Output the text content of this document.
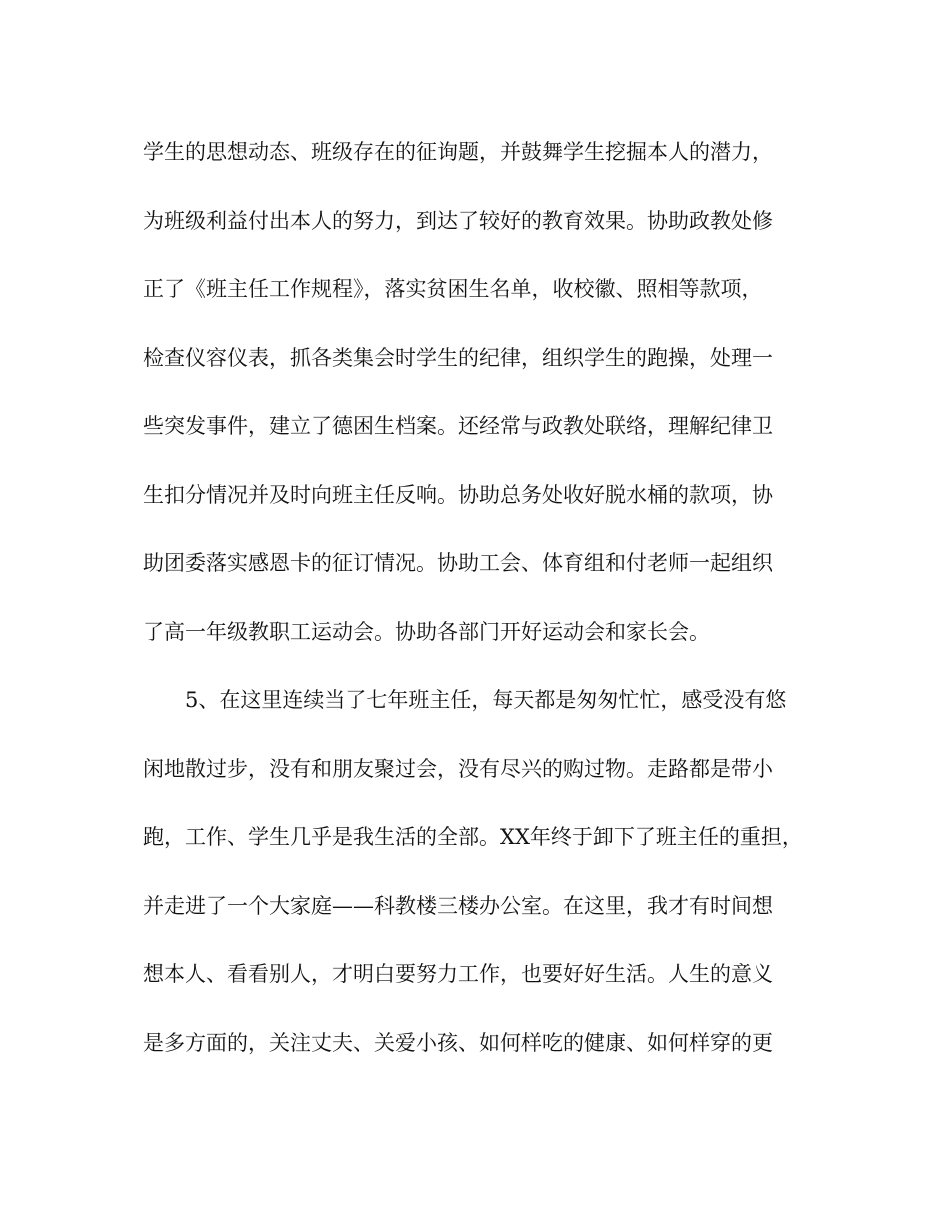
学生的思想动态、班级存在的征询题，并鼓舞学生挖掘本人的潜力，
为班级利益付出本人的努力，到达了较好的教育效果。协助政教处修
正了《班主任工作规程》，落实贫困生名单，收校徽、照相等款项，
检查仪容仪表，抓各类集会时学生的纪律，组织学生的跑操，处理一
些突发事件，建立了德困生档案。还经常与政教处联络，理解纪律卫
生扣分情况并及时向班主任反响。协助总务处收好脱水桶的款项，协
助团委落实感恩卡的征订情况。协助工会、体育组和付老师一起组织
了高一年级教职工运动会。协助各部门开好运动会和家长会。
5、在这里连续当了七年班主任，每天都是匆匆忙忙，感受没有悠
闲地散过步，没有和朋友聚过会，没有尽兴的购过物。走路都是带小
跑，工作、学生几乎是我生活的全部。XX年终于卸下了班主任的重担，
并走进了一个大家庭——科教楼三楼办公室。在这里，我才有时间想
想本人、看看别人，才明白要努力工作，也要好好生活。人生的意义
是多方面的，关注丈夫、关爱小孩、如何样吃的健康、如何样穿的更
